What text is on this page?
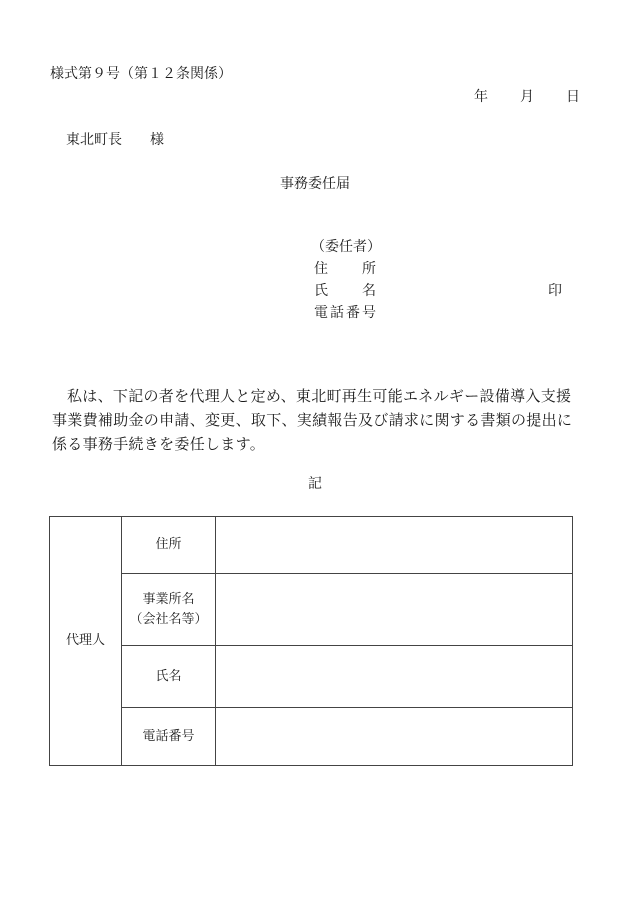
様式第９号（第１２条関係）
年 月 日
東北町長　　様
事務委任届
（委任者）
住所
氏名
電話番号
印
私は、下記の者を代理人と定め、東北町再生可能エネルギー設備導入支援事業費補助金の申請、変更、取下、実績報告及び請求に関する書類の提出に係る事務手続きを委任します。
記
代理人	住所	

	事業所名
（会社名等）	

	氏名	
	電話番号	
